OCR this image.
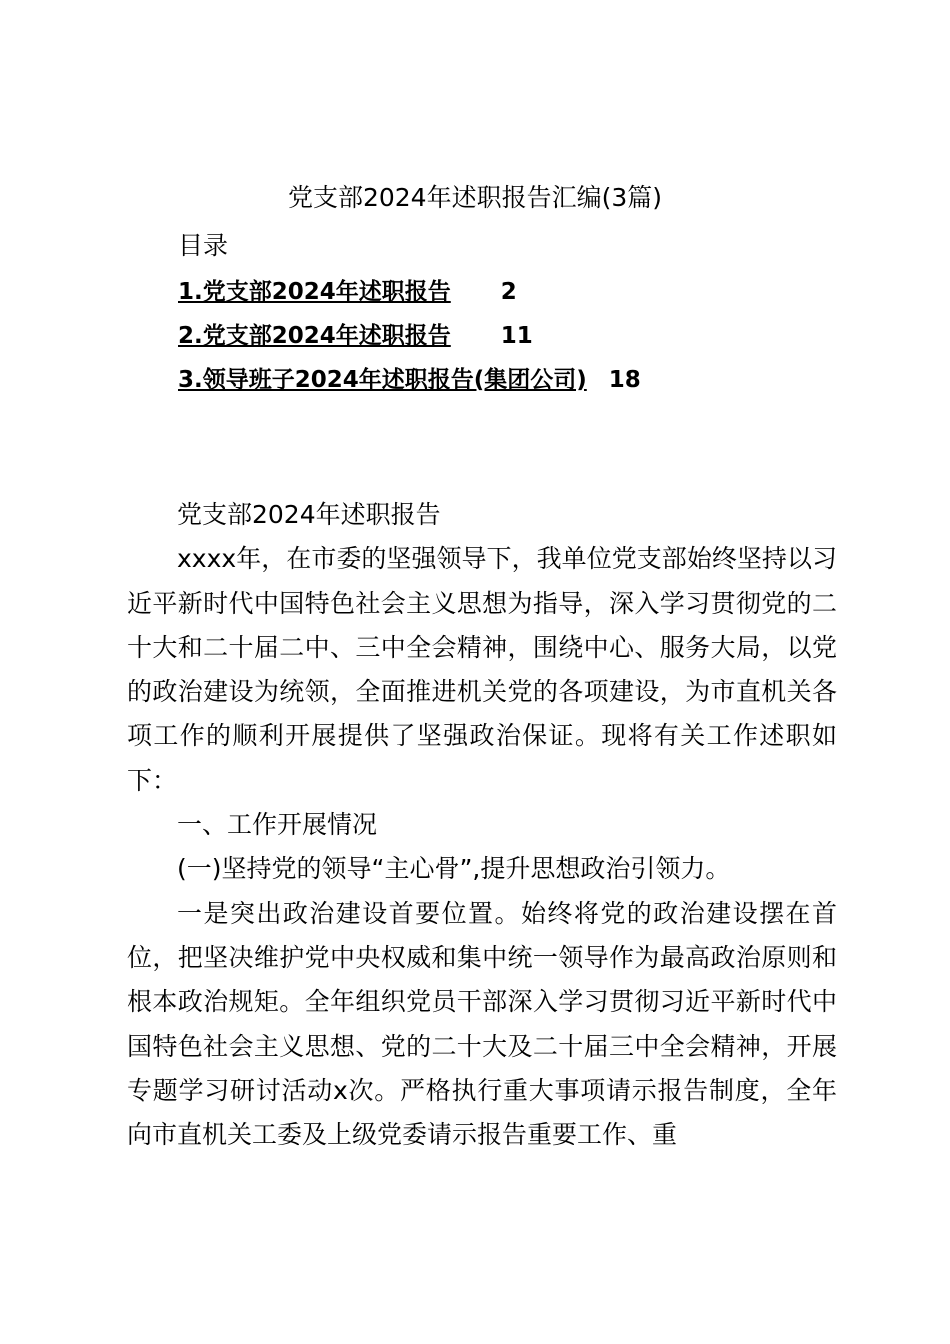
党支部2024年述职报告汇编(3篇)
目录
1.党支部2024年述职报告 2
2.党支部2024年述职报告 11
3.领导班子2024年述职报告(集团公司) 18

党支部2024年述职报告

xxxx年，在市委的坚强领导下，我单位党支部始终坚持以习近平新时代中国特色社会主义思想为指导，深入学习贯彻党的二十大和二十届二中、三中全会精神，围绕中心、服务大局，以党的政治建设为统领，全面推进机关党的各项建设，为市直机关各项工作的顺利开展提供了坚强政治保证。现将有关工作述职如下：

一、工作开展情况

(一)坚持党的领导“主心骨”,提升思想政治引领力。

一是突出政治建设首要位置。始终将党的政治建设摆在首位，把坚决维护党中央权威和集中统一领导作为最高政治原则和根本政治规矩。全年组织党员干部深入学习贯彻习近平新时代中国特色社会主义思想、党的二十大及二十届三中全会精神，开展专题学习研讨活动x次。严格执行重大事项请示报告制度，全年向市直机关工委及上级党委请示报告重要工作、重
